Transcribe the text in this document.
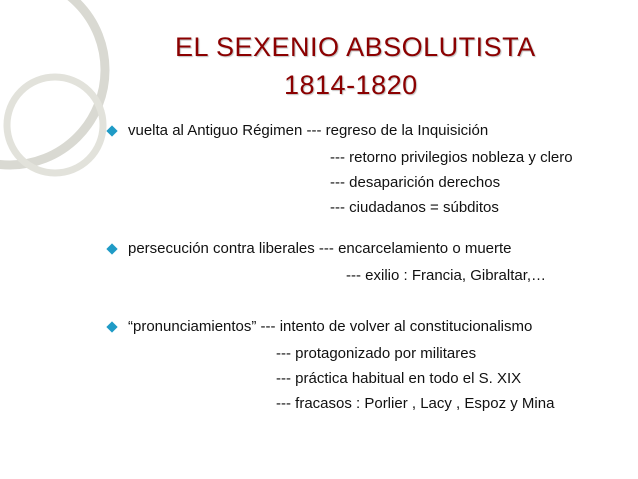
EL SEXENIO ABSOLUTISTA
1814-1820
vuelta al Antiguo Régimen --- regreso de la Inquisición
--- retorno privilegios nobleza y clero
--- desaparición derechos
--- ciudadanos = súbditos
persecución contra liberales --- encarcelamiento o muerte
--- exilio : Francia, Gibraltar,…
“pronunciamientos” --- intento de volver al constitucionalismo
--- protagonizado por militares
--- práctica habitual en todo el S. XIX
--- fracasos : Porlier , Lacy , Espoz y Mina
